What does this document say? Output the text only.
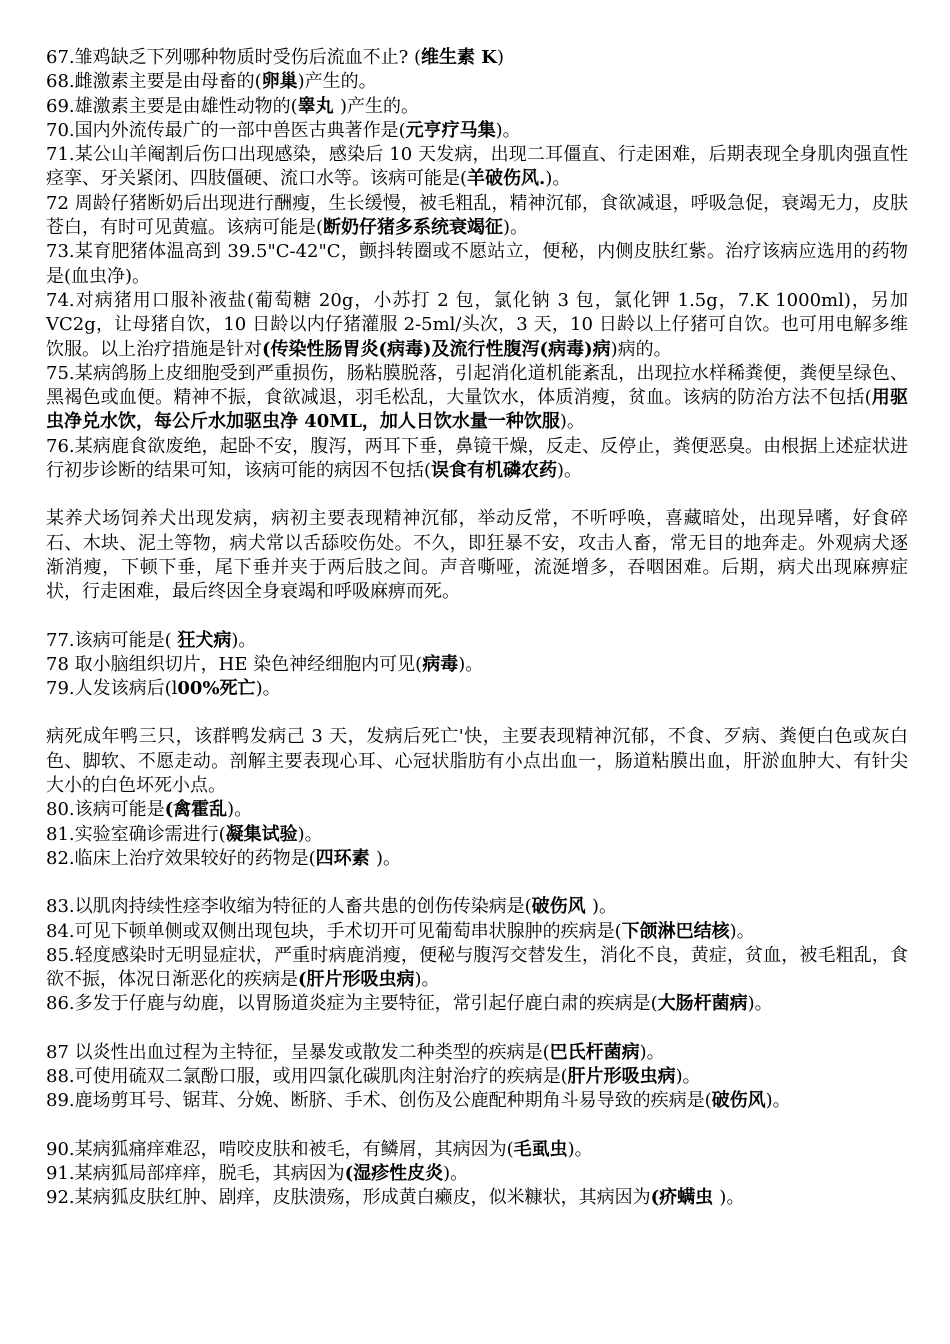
67.雏鸡缺乏下列哪种物质时受伤后流血不止? (维生素 K)

68.雌激素主要是由母畜的(卵巢)产生的。

69.雄激素主要是由雄性动物的(睾丸 )产生的。

70.国内外流传最广的一部中兽医古典著作是(元亨疗马集)。

71.某公山羊阉割后伤口出现感染，感染后 10 天发病，出现二耳僵直、行走困难，后期表现全身肌肉强直性痉挛、牙关紧闭、四肢僵硬、流口水等。该病可能是(羊破伤风.)。

72 周龄仔猪断奶后出现进行酬瘦，生长缓慢，被毛粗乱，精神沉郁，食欲减退，呼吸急促，衰竭无力，皮肤苍白，有时可见黄瘟。该病可能是(断奶仔猪多系统衰竭征)。

73.某育肥猪体温高到 39.5"C-42"C，颤抖转圈或不愿站立，便秘，内侧皮肤红紫。治疗该病应选用的药物是(血虫净)。

74.对病猪用口服补液盐(葡萄糖 20g，小苏打 2 包，氯化钠 3 包，氯化钾 1.5g，7.K 1000ml)，另加 VC2g，让母猪自饮，10 日龄以内仔猪灌服 2-5ml/头次，3 天，10 日龄以上仔猪可自饮。也可用电解多维饮服。以上治疗措施是针对(传染性肠胃炎(病毒)及流行性腹泻(病毒)病)病的。

75.某病鸽肠上皮细胞受到严重损伤，肠粘膜脱落，引起消化道机能紊乱，出现拉水样稀粪便，粪便呈绿色、黑褐色或血便。精神不振，食欲减退，羽毛松乱，大量饮水，体质消瘦，贫血。该病的防治方法不包括(用驱虫净兑水饮，每公斤水加驱虫净 40ML，加人日饮水量一种饮服)。

76.某病鹿食欲废绝，起卧不安，腹泻，两耳下垂，鼻镜干燥，反走、反停止，粪便恶臭。由根据上述症状进行初步诊断的结果可知，该病可能的病因不包括(误食有机磷农药)。

某养犬场饲养犬出现发病，病初主要表现精神沉郁，举动反常，不听呼唤，喜藏暗处，出现异嗜，好食碎石、木块、泥土等物，病犬常以舌舔咬伤处。不久，即狂暴不安，攻击人畜，常无目的地奔走。外观病犬逐渐消瘦，下顿下垂，尾下垂并夹于两后肢之间。声音嘶哑，流涎增多，吞咽困难。后期，病犬出现麻痹症状，行走困难，最后终因全身衰竭和呼吸麻痹而死。

77.该病可能是( 狂犬病)。

78 取小脑组织切片，HE 染色神经细胞内可见(病毒)。

79.人发该病后(l00%死亡)。

病死成年鸭三只，该群鸭发病己 3 天，发病后死亡'快，主要表现精神沉郁，不食、歹病、粪便白色或灰白色、脚软、不愿走动。剖解主要表现心耳、心冠状脂肪有小点出血一，肠道粘膜出血，肝淤血肿大、有针尖大小的白色坏死小点。

80.该病可能是(禽霍乱)。

81.实验室确诊需进行(凝集试验)。

82.临床上治疗效果较好的药物是(四环素 )。

83.以肌肉持续性痉李收缩为特征的人畜共患的创伤传染病是(破伤风 )。

84.可见下顿单侧或双侧出现包块，手术切开可见葡萄串状腺肿的疾病是(下颌淋巴结核)。

85.轻度感染时无明显症状，严重时病鹿消瘦，便秘与腹泻交替发生，消化不良，黄症，贫血，被毛粗乱，食欲不振，体况日渐恶化的疾病是(肝片形吸虫病)。

86.多发于仔鹿与幼鹿，以胃肠道炎症为主要特征，常引起仔鹿白肃的疾病是(大肠杆菌病)。

87 以炎性出血过程为主特征，呈暴发或散发二种类型的疾病是(巴氏杆菌病)。

88.可使用硫双二氯酚口服，或用四氯化碳肌肉注射治疗的疾病是(肝片形吸虫病)。

89.鹿场剪耳号、锯茸、分娩、断脐、手术、创伤及公鹿配种期角斗易导致的疾病是(破伤风)。

90.某病狐痛痒难忍，啃咬皮肤和被毛，有鳞屑，其病因为(毛虱虫)。

91.某病狐局部痒痒，脱毛，其病因为(湿疹性皮炎)。

92.某病狐皮肤红肿、剧痒，皮肤溃殇，形成黄白癞皮，似米糠状，其病因为(疥螨虫 )。
